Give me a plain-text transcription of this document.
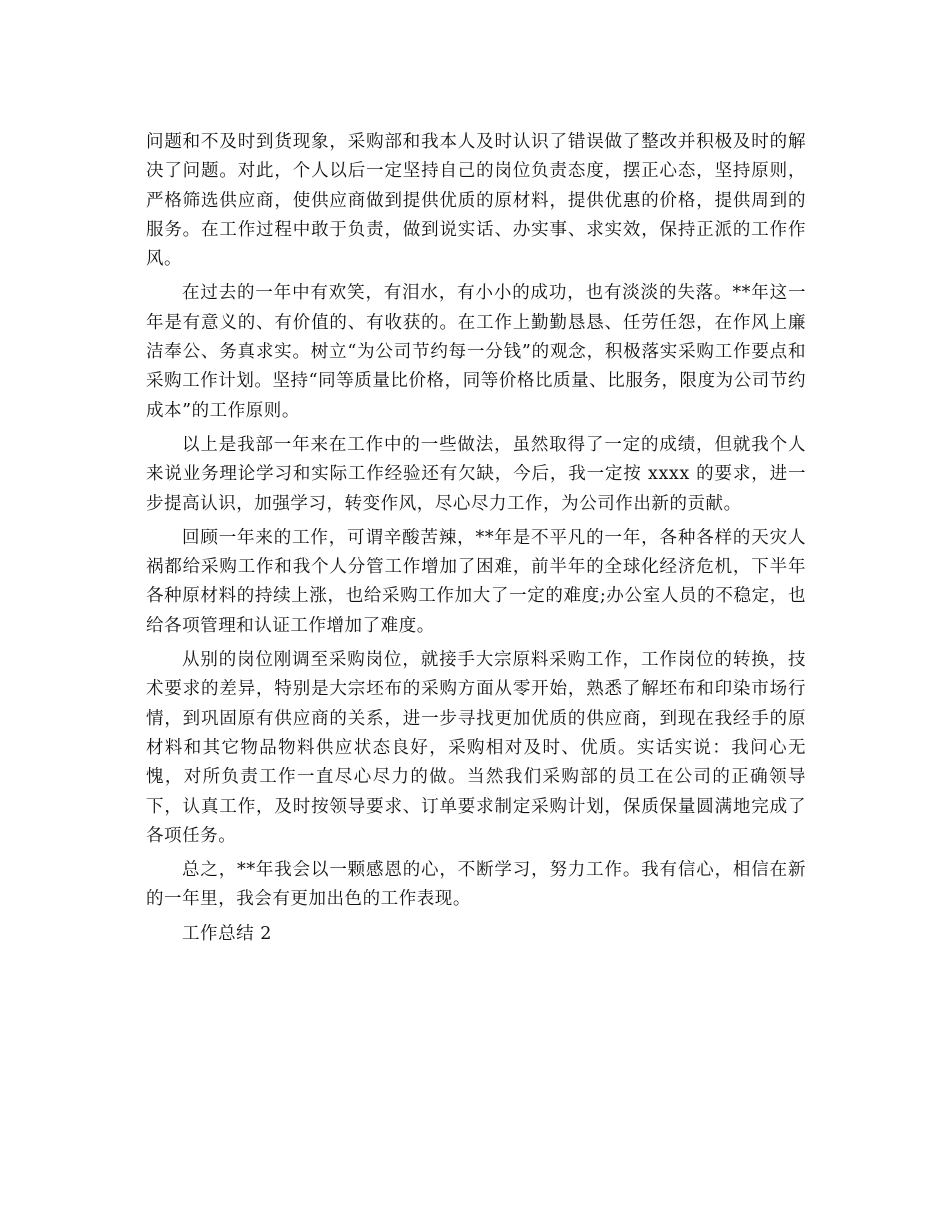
问题和不及时到货现象，采购部和我本人及时认识了错误做了整改并积极及时的解决了问题。对此，个人以后一定坚持自己的岗位负责态度，摆正心态，坚持原则，严格筛选供应商，使供应商做到提供优质的原材料，提供优惠的价格，提供周到的服务。在工作过程中敢于负责，做到说实话、办实事、求实效，保持正派的工作作风。

在过去的一年中有欢笑，有泪水，有小小的成功，也有淡淡的失落。**年这一年是有意义的、有价值的、有收获的。在工作上勤勤恳恳、任劳任怨，在作风上廉洁奉公、务真求实。树立“为公司节约每一分钱”的观念，积极落实采购工作要点和采购工作计划。坚持“同等质量比价格，同等价格比质量、比服务，限度为公司节约成本”的工作原则。

以上是我部一年来在工作中的一些做法，虽然取得了一定的成绩，但就我个人来说业务理论学习和实际工作经验还有欠缺，今后，我一定按 xxxx 的要求，进一步提高认识，加强学习，转变作风，尽心尽力工作，为公司作出新的贡献。

回顾一年来的工作，可谓辛酸苦辣，**年是不平凡的一年，各种各样的天灾人祸都给采购工作和我个人分管工作增加了困难，前半年的全球化经济危机，下半年各种原材料的持续上涨，也给采购工作加大了一定的难度;办公室人员的不稳定，也给各项管理和认证工作增加了难度。

从别的岗位刚调至采购岗位，就接手大宗原料采购工作，工作岗位的转换，技术要求的差异，特别是大宗坯布的采购方面从零开始，熟悉了解坯布和印染市场行情，到巩固原有供应商的关系，进一步寻找更加优质的供应商，到现在我经手的原材料和其它物品物料供应状态良好，采购相对及时、优质。实话实说：我问心无愧，对所负责工作一直尽心尽力的做。当然我们采购部的员工在公司的正确领导下，认真工作，及时按领导要求、订单要求制定采购计划，保质保量圆满地完成了各项任务。

总之，**年我会以一颗感恩的心，不断学习，努力工作。我有信心，相信在新的一年里，我会有更加出色的工作表现。

工作总结 2
